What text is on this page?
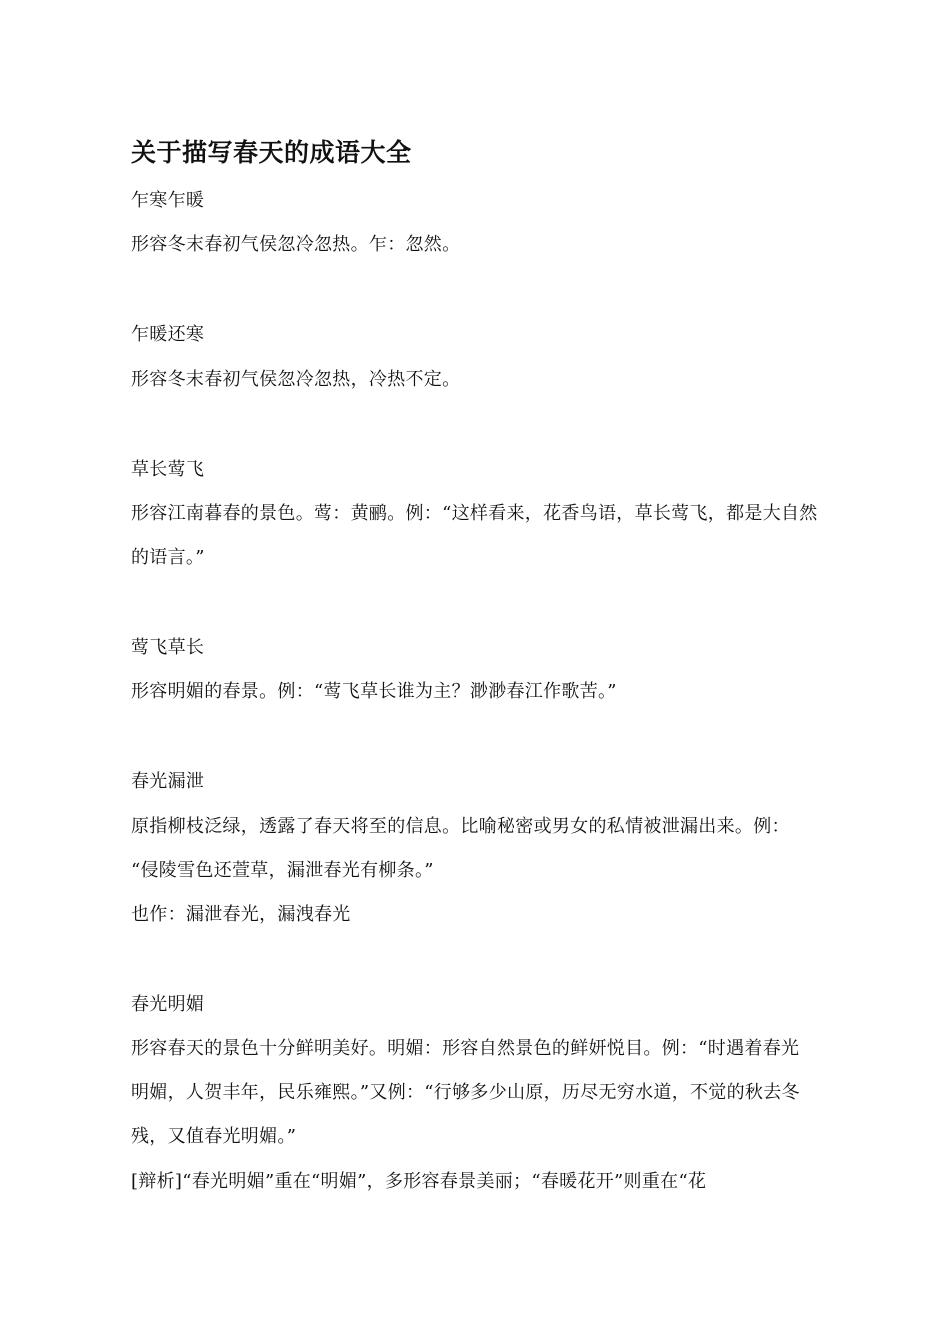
关于描写春天的成语大全
乍寒乍暖
形容冬末春初气侯忽冷忽热。乍：忽然。
乍暖还寒
形容冬末春初气侯忽冷忽热，冷热不定。
草长莺飞
形容江南暮春的景色。莺：黄鹂。例：“这样看来，花香鸟语，草长莺飞，都是大自然
的语言。”
莺飞草长
形容明媚的春景。例：“莺飞草长谁为主？渺渺春江作歌苦。”
春光漏泄
原指柳枝泛绿，透露了春天将至的信息。比喻秘密或男女的私情被泄漏出来。例：
“侵陵雪色还萱草，漏泄春光有柳条。”
也作：漏泄春光，漏洩春光
春光明媚
形容春天的景色十分鲜明美好。明媚：形容自然景色的鲜妍悦目。例：“时遇着春光
明媚，人贺丰年，民乐雍熙。”又例：“行够多少山原，历尽无穷水道，不觉的秋去冬
残，又值春光明媚。”
[辩析]“春光明媚”重在“明媚”，多形容春景美丽；“春暖花开”则重在“花
